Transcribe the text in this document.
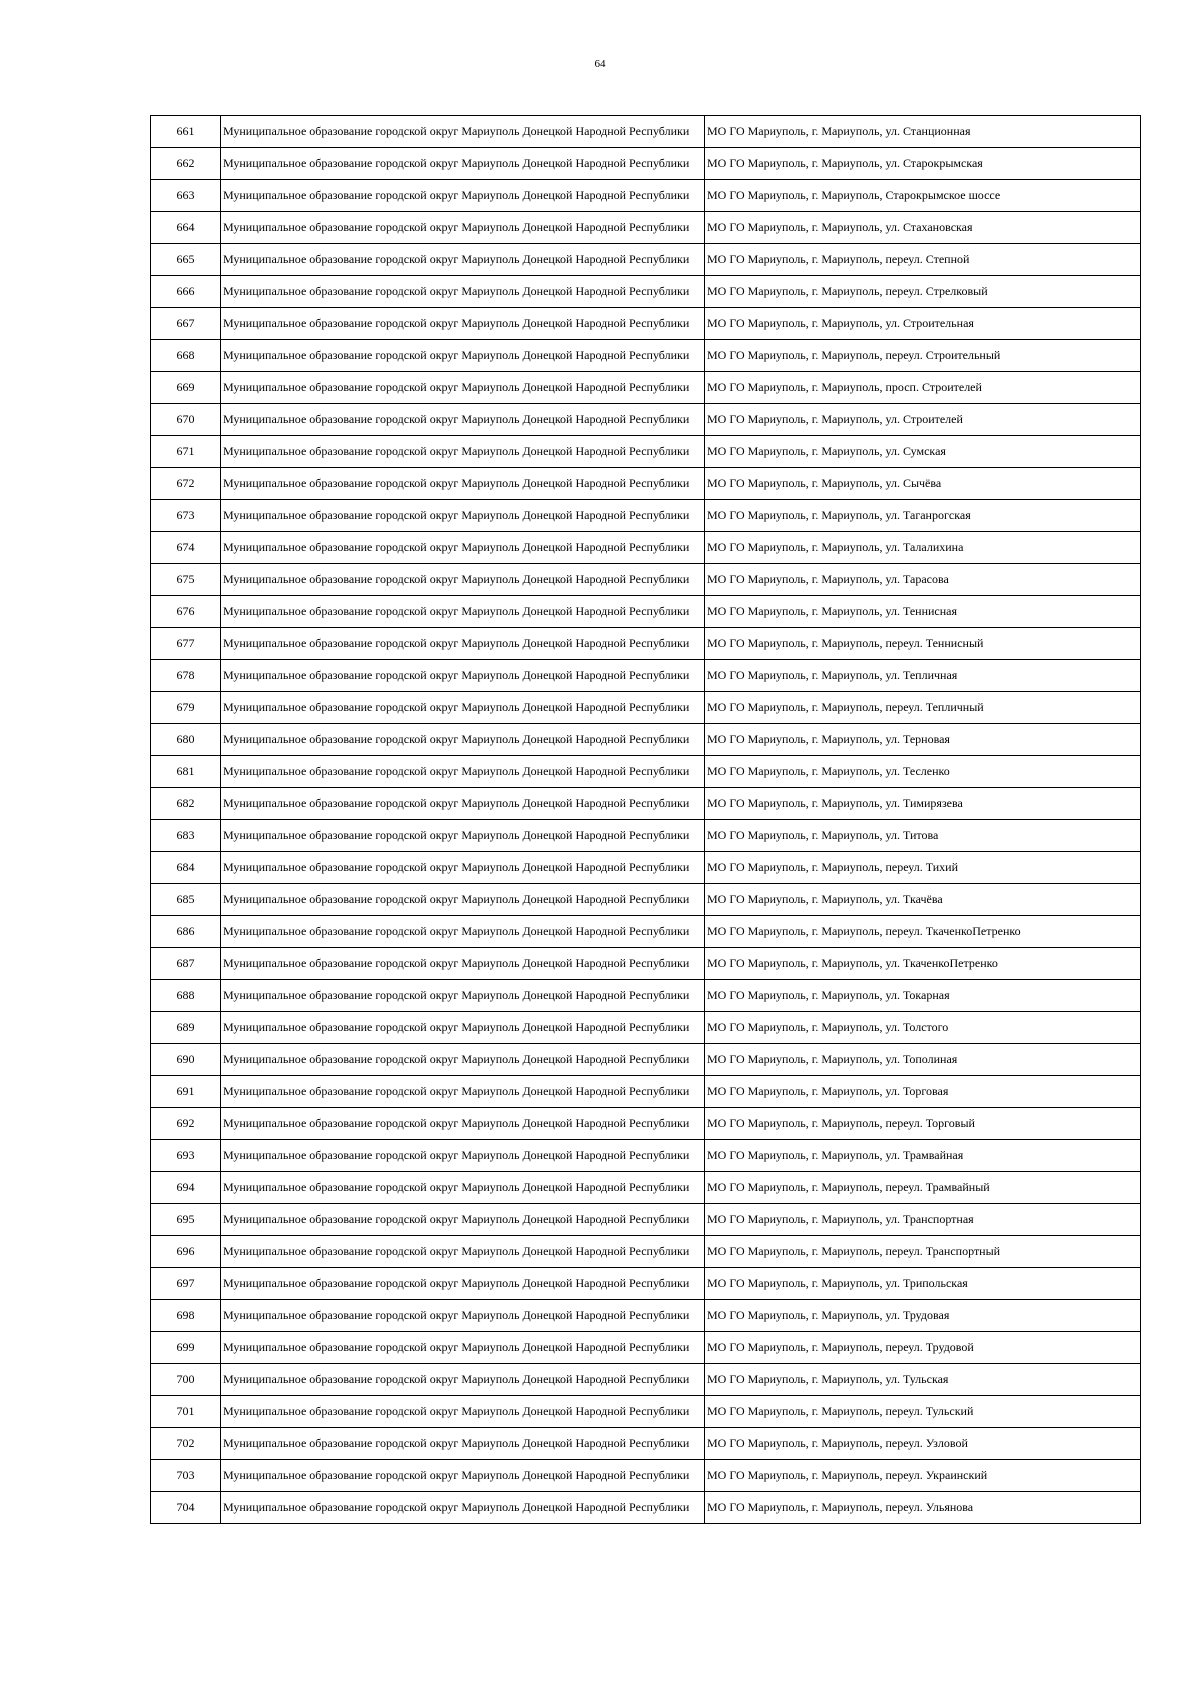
64
661	Муниципальное образование городской округ Мариуполь Донецкой Народной Республики	МО ГО Мариуполь, г. Мариуполь, ул. Станционная
662	Муниципальное образование городской округ Мариуполь Донецкой Народной Республики	МО ГО Мариуполь, г. Мариуполь, ул. Старокрымская
663	Муниципальное образование городской округ Мариуполь Донецкой Народной Республики	МО ГО Мариуполь, г. Мариуполь, Старокрымское шоссе
664	Муниципальное образование городской округ Мариуполь Донецкой Народной Республики	МО ГО Мариуполь, г. Мариуполь, ул. Стахановская
665	Муниципальное образование городской округ Мариуполь Донецкой Народной Республики	МО ГО Мариуполь, г. Мариуполь, переул. Степной
666	Муниципальное образование городской округ Мариуполь Донецкой Народной Республики	МО ГО Мариуполь, г. Мариуполь, переул. Стрелковый
667	Муниципальное образование городской округ Мариуполь Донецкой Народной Республики	МО ГО Мариуполь, г. Мариуполь, ул. Строительная
668	Муниципальное образование городской округ Мариуполь Донецкой Народной Республики	МО ГО Мариуполь, г. Мариуполь, переул. Строительный
669	Муниципальное образование городской округ Мариуполь Донецкой Народной Республики	МО ГО Мариуполь, г. Мариуполь, просп. Строителей
670	Муниципальное образование городской округ Мариуполь Донецкой Народной Республики	МО ГО Мариуполь, г. Мариуполь, ул. Строителей
671	Муниципальное образование городской округ Мариуполь Донецкой Народной Республики	МО ГО Мариуполь, г. Мариуполь, ул. Сумская
672	Муниципальное образование городской округ Мариуполь Донецкой Народной Республики	МО ГО Мариуполь, г. Мариуполь, ул. Сычёва
673	Муниципальное образование городской округ Мариуполь Донецкой Народной Республики	МО ГО Мариуполь, г. Мариуполь, ул. Таганрогская
674	Муниципальное образование городской округ Мариуполь Донецкой Народной Республики	МО ГО Мариуполь, г. Мариуполь, ул. Талалихина
675	Муниципальное образование городской округ Мариуполь Донецкой Народной Республики	МО ГО Мариуполь, г. Мариуполь, ул. Тарасова
676	Муниципальное образование городской округ Мариуполь Донецкой Народной Республики	МО ГО Мариуполь, г. Мариуполь, ул. Теннисная
677	Муниципальное образование городской округ Мариуполь Донецкой Народной Республики	МО ГО Мариуполь, г. Мариуполь, переул. Теннисный
678	Муниципальное образование городской округ Мариуполь Донецкой Народной Республики	МО ГО Мариуполь, г. Мариуполь, ул. Тепличная
679	Муниципальное образование городской округ Мариуполь Донецкой Народной Республики	МО ГО Мариуполь, г. Мариуполь, переул. Тепличный
680	Муниципальное образование городской округ Мариуполь Донецкой Народной Республики	МО ГО Мариуполь, г. Мариуполь, ул. Терновая
681	Муниципальное образование городской округ Мариуполь Донецкой Народной Республики	МО ГО Мариуполь, г. Мариуполь, ул. Тесленко
682	Муниципальное образование городской округ Мариуполь Донецкой Народной Республики	МО ГО Мариуполь, г. Мариуполь, ул. Тимирязева
683	Муниципальное образование городской округ Мариуполь Донецкой Народной Республики	МО ГО Мариуполь, г. Мариуполь, ул. Титова
684	Муниципальное образование городской округ Мариуполь Донецкой Народной Республики	МО ГО Мариуполь, г. Мариуполь, переул. Тихий
685	Муниципальное образование городской округ Мариуполь Донецкой Народной Республики	МО ГО Мариуполь, г. Мариуполь, ул. Ткачёва
686	Муниципальное образование городской округ Мариуполь Донецкой Народной Республики	МО ГО Мариуполь, г. Мариуполь, переул. ТкаченкоПетренко
687	Муниципальное образование городской округ Мариуполь Донецкой Народной Республики	МО ГО Мариуполь, г. Мариуполь, ул. ТкаченкоПетренко
688	Муниципальное образование городской округ Мариуполь Донецкой Народной Республики	МО ГО Мариуполь, г. Мариуполь, ул. Токарная
689	Муниципальное образование городской округ Мариуполь Донецкой Народной Республики	МО ГО Мариуполь, г. Мариуполь, ул. Толстого
690	Муниципальное образование городской округ Мариуполь Донецкой Народной Республики	МО ГО Мариуполь, г. Мариуполь, ул. Тополиная
691	Муниципальное образование городской округ Мариуполь Донецкой Народной Республики	МО ГО Мариуполь, г. Мариуполь, ул. Торговая
692	Муниципальное образование городской округ Мариуполь Донецкой Народной Республики	МО ГО Мариуполь, г. Мариуполь, переул. Торговый
693	Муниципальное образование городской округ Мариуполь Донецкой Народной Республики	МО ГО Мариуполь, г. Мариуполь, ул. Трамвайная
694	Муниципальное образование городской округ Мариуполь Донецкой Народной Республики	МО ГО Мариуполь, г. Мариуполь, переул. Трамвайный
695	Муниципальное образование городской округ Мариуполь Донецкой Народной Республики	МО ГО Мариуполь, г. Мариуполь, ул. Транспортная
696	Муниципальное образование городской округ Мариуполь Донецкой Народной Республики	МО ГО Мариуполь, г. Мариуполь, переул. Транспортный
697	Муниципальное образование городской округ Мариуполь Донецкой Народной Республики	МО ГО Мариуполь, г. Мариуполь, ул. Трипольская
698	Муниципальное образование городской округ Мариуполь Донецкой Народной Республики	МО ГО Мариуполь, г. Мариуполь, ул. Трудовая
699	Муниципальное образование городской округ Мариуполь Донецкой Народной Республики	МО ГО Мариуполь, г. Мариуполь, переул. Трудовой
700	Муниципальное образование городской округ Мариуполь Донецкой Народной Республики	МО ГО Мариуполь, г. Мариуполь, ул. Тульская
701	Муниципальное образование городской округ Мариуполь Донецкой Народной Республики	МО ГО Мариуполь, г. Мариуполь, переул. Тульский
702	Муниципальное образование городской округ Мариуполь Донецкой Народной Республики	МО ГО Мариуполь, г. Мариуполь, переул. Узловой
703	Муниципальное образование городской округ Мариуполь Донецкой Народной Республики	МО ГО Мариуполь, г. Мариуполь, переул. Украинский
704	Муниципальное образование городской округ Мариуполь Донецкой Народной Республики	МО ГО Мариуполь, г. Мариуполь, переул. Ульянова
